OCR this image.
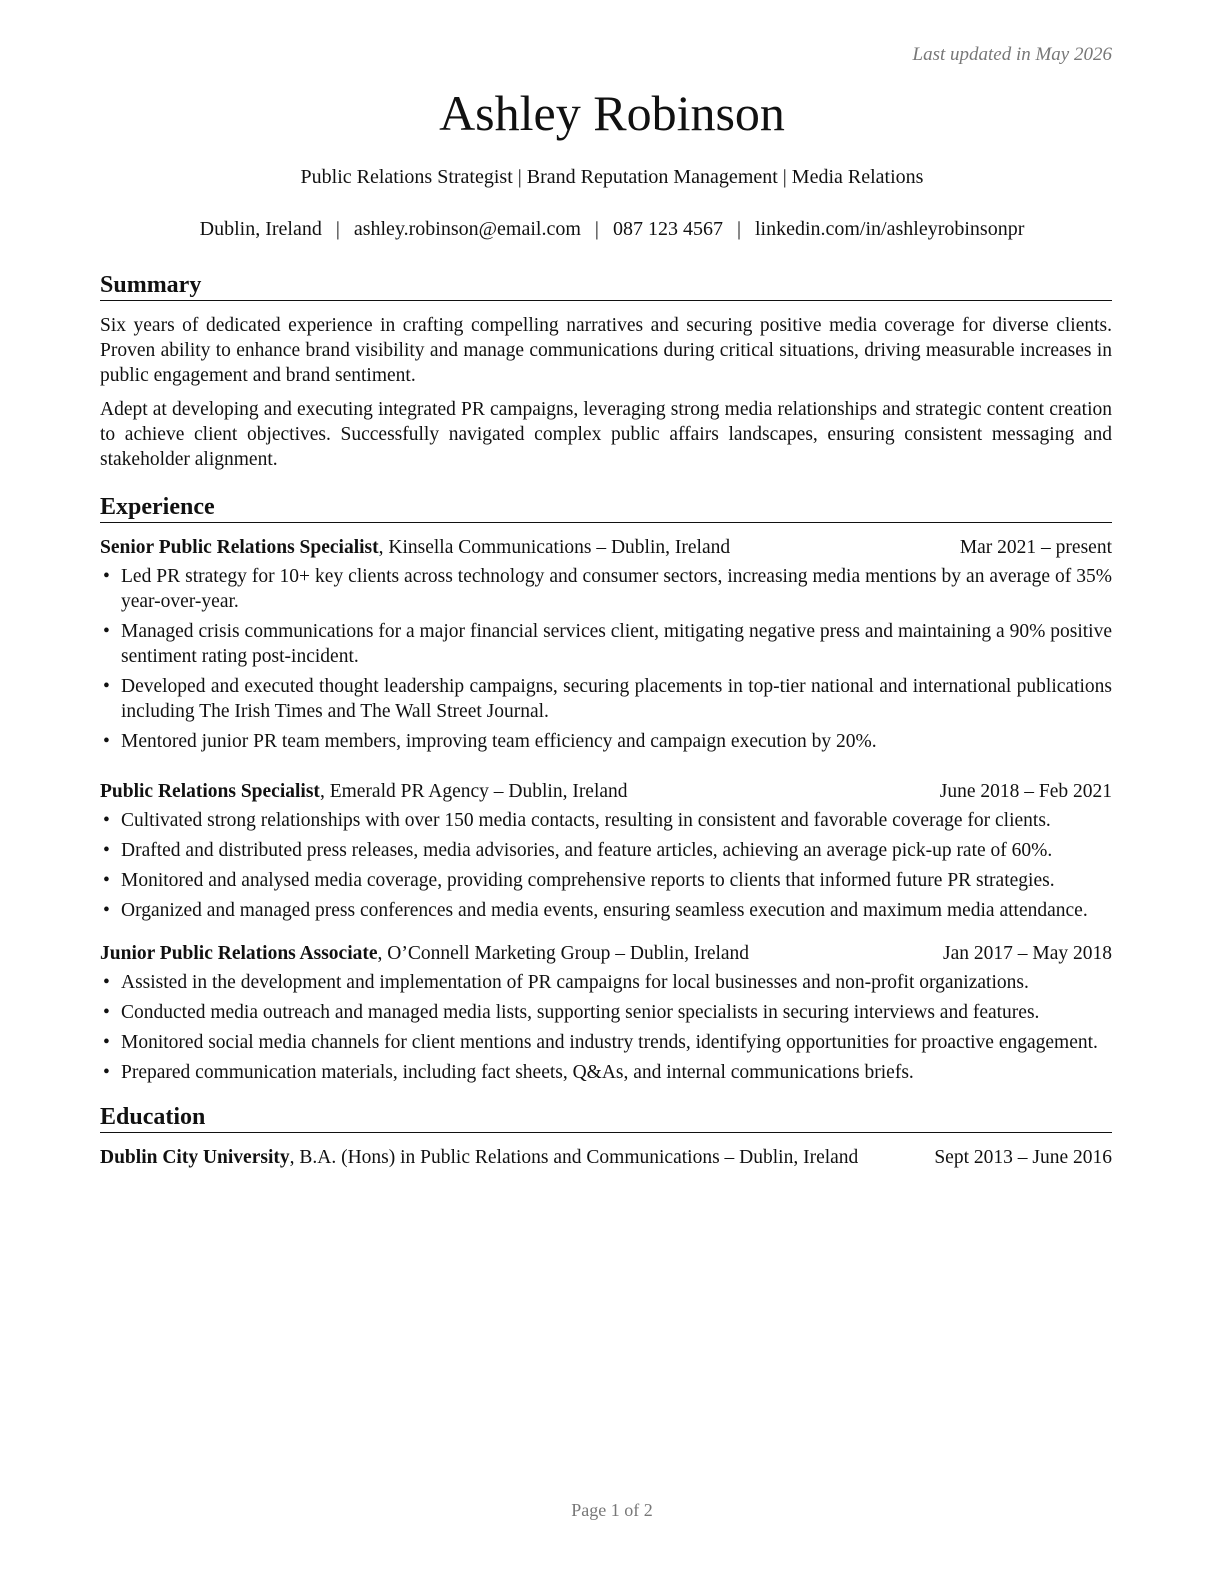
Last updated in May 2026
Ashley Robinson
Public Relations Strategist | Brand Reputation Management | Media Relations
Dublin, Ireland | ashley.robinson@email.com | 087 123 4567 | linkedin.com/in/ashleyrobinsonpr
Summary

Six years of dedicated experience in crafting compelling narratives and securing positive media coverage for diverse clients. Proven ability to enhance brand visibility and manage communications during critical situations, driving measurable increases in public engagement and brand sentiment.

Adept at developing and executing integrated PR campaigns, leveraging strong media relationships and strategic content creation to achieve client objectives. Successfully navigated complex public affairs landscapes, ensuring consistent messaging and stakeholder alignment.

Experience
Senior Public Relations Specialist, Kinsella Communications – Dublin, Ireland	Mar 2021 – present
• Led PR strategy for 10+ key clients across technology and consumer sectors, increasing media mentions by an average of 35% year-over-year.
• Managed crisis communications for a major financial services client, mitigating negative press and maintaining a 90% positive sentiment rating post-incident.
• Developed and executed thought leadership campaigns, securing placements in top-tier national and international publications including The Irish Times and The Wall Street Journal.
• Mentored junior PR team members, improving team efficiency and campaign execution by 20%.
Public Relations Specialist, Emerald PR Agency – Dublin, Ireland	June 2018 – Feb 2021
• Cultivated strong relationships with over 150 media contacts, resulting in consistent and favorable coverage for clients.
• Drafted and distributed press releases, media advisories, and feature articles, achieving an average pick-up rate of 60%.
• Monitored and analysed media coverage, providing comprehensive reports to clients that informed future PR strategies.
• Organized and managed press conferences and media events, ensuring seamless execution and maximum media attendance.
Junior Public Relations Associate, O’Connell Marketing Group – Dublin, Ireland	Jan 2017 – May 2018
• Assisted in the development and implementation of PR campaigns for local businesses and non-profit organizations.
• Conducted media outreach and managed media lists, supporting senior specialists in securing interviews and features.
• Monitored social media channels for client mentions and industry trends, identifying opportunities for proactive engagement.
• Prepared communication materials, including fact sheets, Q&As, and internal communications briefs.
Education
Dublin City University, B.A. (Hons) in Public Relations and Communications – Dublin, Ireland	Sept 2013 – June 2016
Page 1 of 2
